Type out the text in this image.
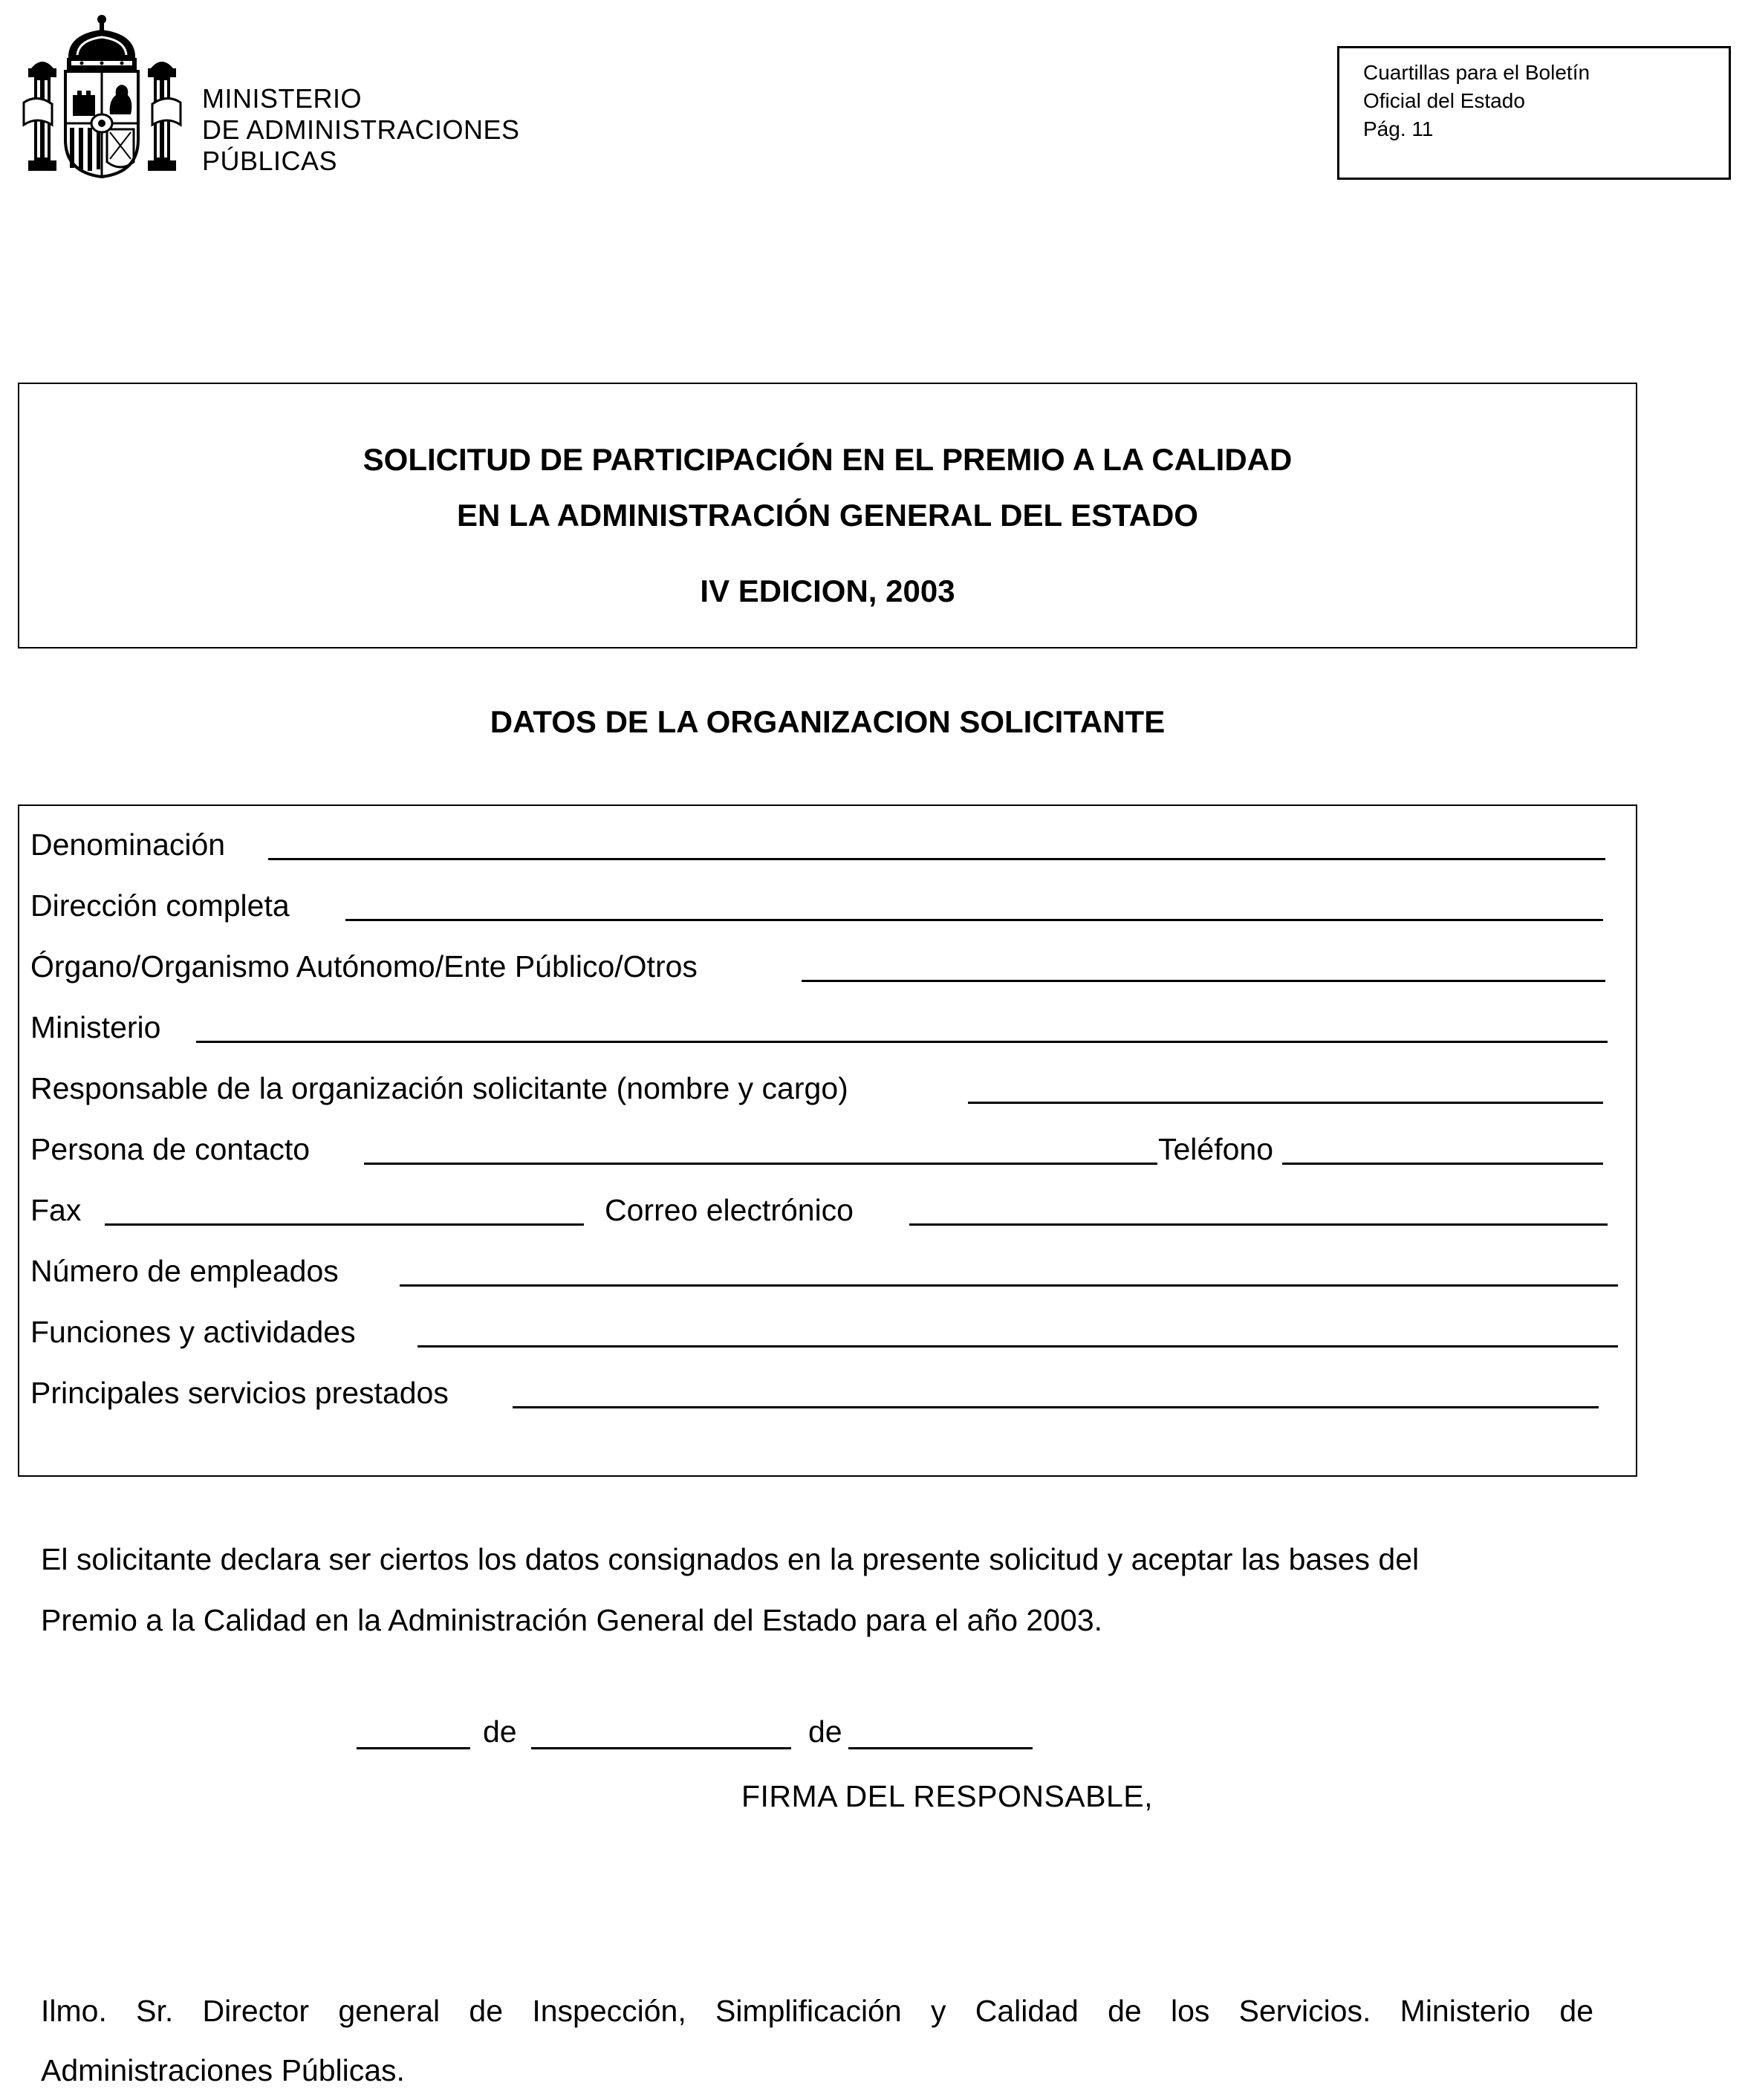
MINISTERIO
DE ADMINISTRACIONES
PÚBLICAS
Cuartillas para el Boletín
Oficial del Estado
Pág. 11
SOLICITUD DE PARTICIPACIÓN EN EL PREMIO A LA CALIDAD
EN LA ADMINISTRACIÓN GENERAL DEL ESTADO
IV EDICION, 2003
DATOS DE LA ORGANIZACION SOLICITANTE
Denominación
Dirección completa
Órgano/Organismo Autónomo/Ente Público/Otros
Ministerio
Responsable de la organización solicitante (nombre y cargo)
Persona de contacto	Teléfono
Fax	Correo electrónico
Número de empleados
Funciones y actividades
Principales servicios prestados
El solicitante declara ser ciertos los datos consignados en la presente solicitud y aceptar las bases del
Premio a la Calidad en la Administración General del Estado para el año 2003.
de	de
FIRMA DEL RESPONSABLE,
Ilmo. Sr. Director general de Inspección, Simplificación y Calidad de los Servicios. Ministerio de
Administraciones Públicas.
